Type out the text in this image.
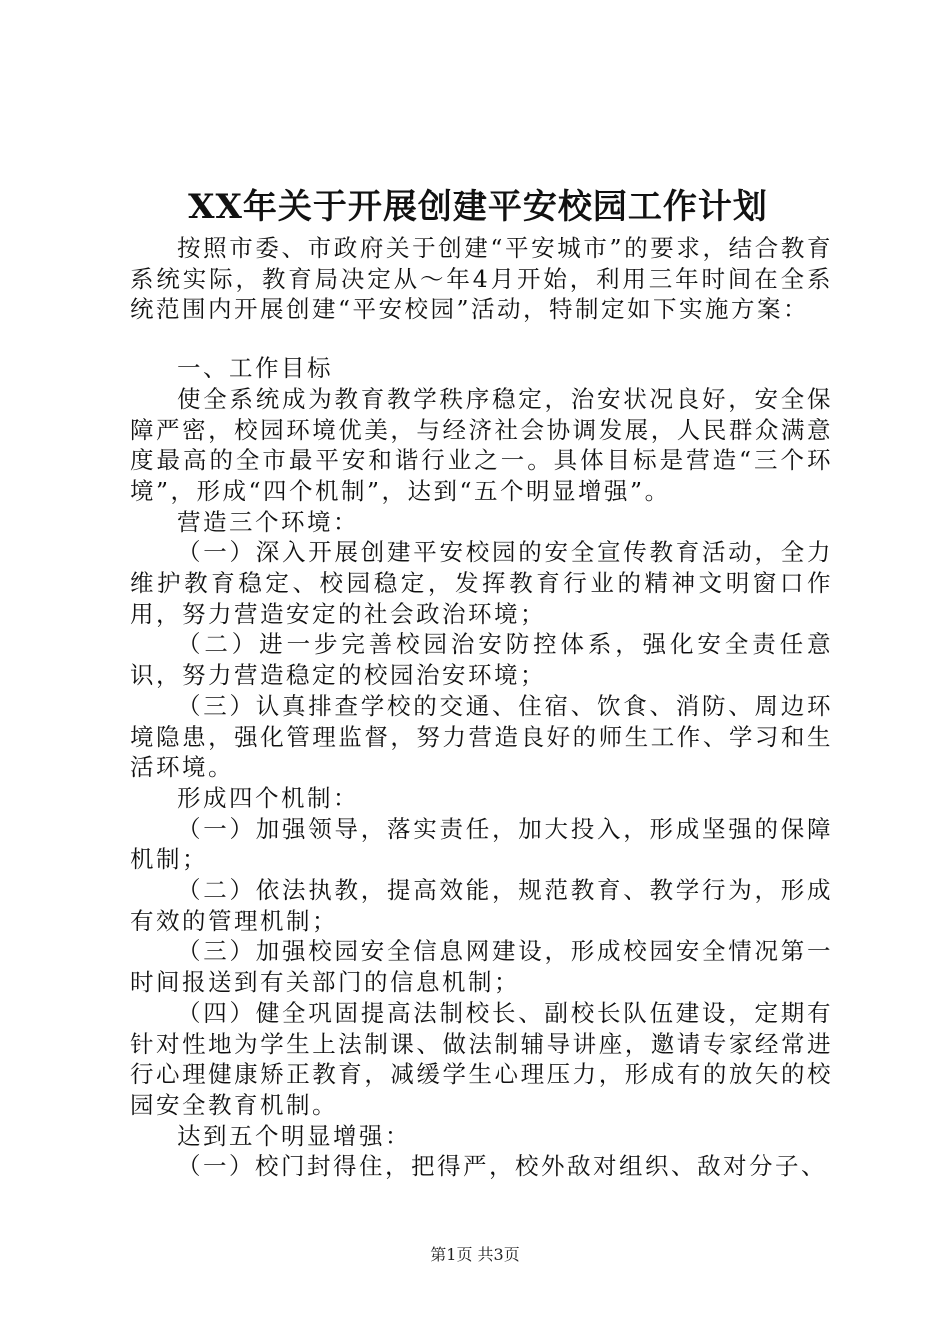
XX年关于开展创建平安校园工作计划

按照市委、市政府关于创建“平安城市”的要求，结合教育系统实际，教育局决定从～年4月开始，利用三年时间在全系统范围内开展创建“平安校园”活动，特制定如下实施方案：

一、工作目标

使全系统成为教育教学秩序稳定，治安状况良好，安全保障严密，校园环境优美，与经济社会协调发展，人民群众满意度最高的全市最平安和谐行业之一。具体目标是营造“三个环境”，形成“四个机制”，达到“五个明显增强”。

营造三个环境：

（一）深入开展创建平安校园的安全宣传教育活动，全力维护教育稳定、校园稳定，发挥教育行业的精神文明窗口作用，努力营造安定的社会政治环境；

（二）进一步完善校园治安防控体系，强化安全责任意识，努力营造稳定的校园治安环境；

（三）认真排查学校的交通、住宿、饮食、消防、周边环境隐患，强化管理监督，努力营造良好的师生工作、学习和生活环境。

形成四个机制：

（一）加强领导，落实责任，加大投入，形成坚强的保障机制；

（二）依法执教，提高效能，规范教育、教学行为，形成有效的管理机制；

（三）加强校园安全信息网建设，形成校园安全情况第一时间报送到有关部门的信息机制；

（四）健全巩固提高法制校长、副校长队伍建设，定期有针对性地为学生上法制课、做法制辅导讲座，邀请专家经常进行心理健康矫正教育，减缓学生心理压力，形成有的放矢的校园安全教育机制。

达到五个明显增强：

（一）校门封得住，把得严，校外敌对组织、敌对分子、

第1页 共3页
